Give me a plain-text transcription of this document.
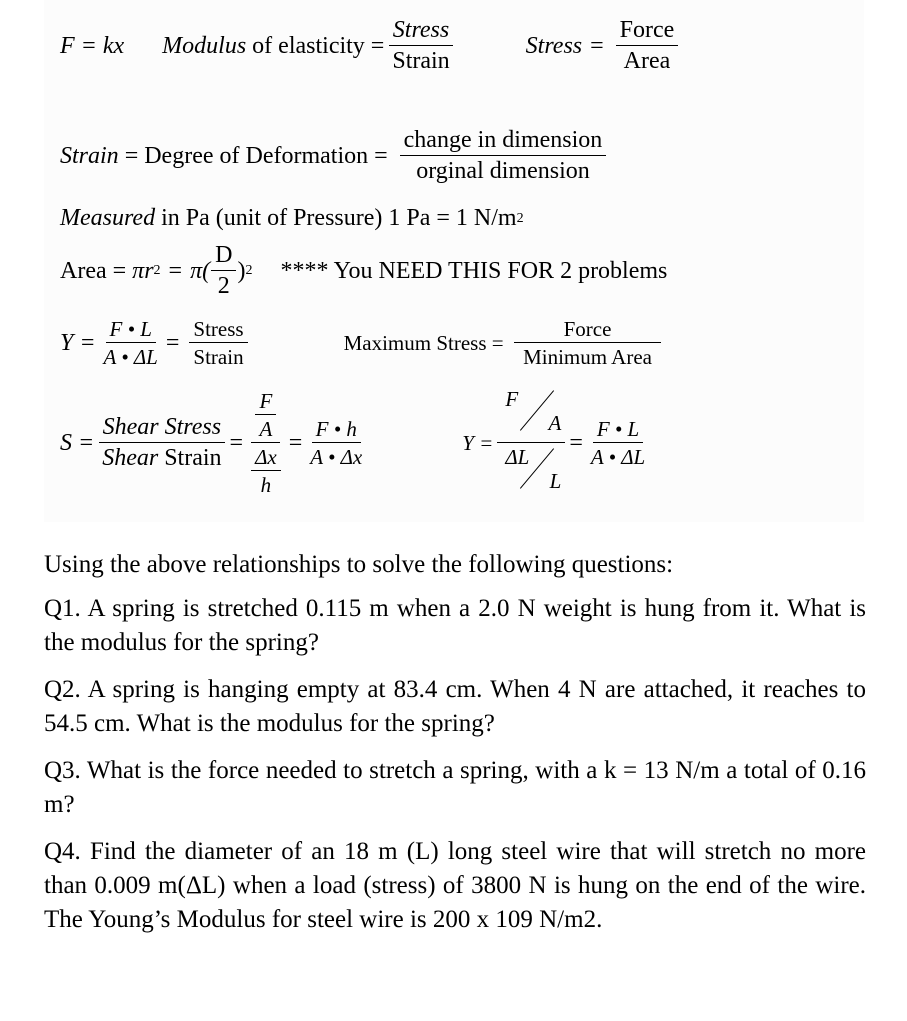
F = kx Modulus
of elasticity = $\frac{\text{Stress}}{\text{Strain}}$	Stress = $\frac{\text{Force}}{\text{Area}}$
Strain
= Degree of Deformation = $\frac{\text{change in dimension}}{\text{orginal dimension}}$
Measured
in Pa (unit of Pressure) 1 Pa = 1 N/m 2
Area =
πr $2 = \pi( \frac{D}{2}$ ) 2 **** You NEED THIS FOR 2 problems
$Y = \frac{F • L}{A • \Delta L} = \frac{\text{Stress}}{\text{Strain}}$	Maximum Stress = $\frac{\text{Force}}{\text{Minimum Area}}$
$S = \frac{\text{Shear Stress}}{\text{Shear Strain}} = \frac{\frac{F}{A}}{\frac{\Delta x}{h}} = \frac{F • h}{A • \Delta x}$	Y = F
A
ΔL
$L = \frac{F • L}{A • \Delta L}$

Using the above relationships to solve the following questions:

Q1. A spring is stretched 0.115 m when a 2.0 N weight is hung from it. What is the modulus for the spring?

Q2. A spring is hanging empty at 83.4 cm. When 4 N are attached, it reaches to 54.5 cm. What is the modulus for the spring?

Q3. What is the force needed to stretch a spring, with a k = 13 N/m a total of 0.16 m?

Q4. Find the diameter of an 18 m (L) long steel wire that will stretch no more than 0.009 m(ΔL) when a load (stress) of 3800 N is hung on the end of the wire. The Young’s Modulus for steel wire is 200 x 109 N/m2.
